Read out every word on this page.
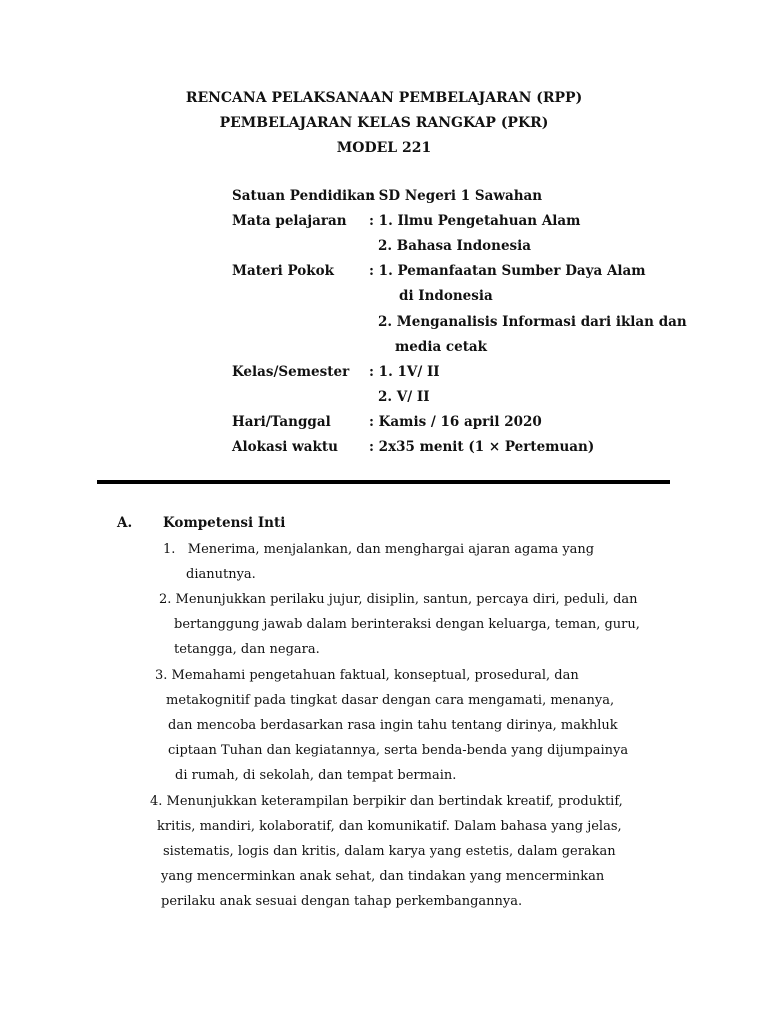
RENCANA PELAKSANAAN PEMBELAJARAN (RPP)
PEMBELAJARAN KELAS RANGKAP (PKR)
MODEL 221
Satuan Pendidikan
: SD Negeri 1 Sawahan
Mata pelajaran : 1. Ilmu Pengetahuan Alam
2. Bahasa Indonesia
Materi Pokok	: 1. Pemanfaatan Sumber Daya Alam
di Indonesia
2. Menganalisis Informasi dari iklan dan
media cetak
Kelas/Semester : 1. 1V/ II
2. V/ II
Hari/Tanggal	: Kamis / 16 april 2020
Alokasi waktu : 2x35 menit (1 × Pertemuan)
A. Kompetensi Inti
1.   Menerima, menjalankan, dan menghargai ajaran agama yang
dianutnya.
2. Menunjukkan perilaku jujur, disiplin, santun, percaya diri, peduli, dan
bertanggung jawab dalam berinteraksi dengan keluarga, teman, guru,
tetangga, dan negara.
3. Memahami pengetahuan faktual, konseptual, prosedural, dan
metakognitif pada tingkat dasar dengan cara mengamati, menanya,
dan mencoba berdasarkan rasa ingin tahu tentang dirinya, makhluk
ciptaan Tuhan dan kegiatannya, serta benda-benda yang dijumpainya
di rumah, di sekolah, dan tempat bermain.
4. Menunjukkan keterampilan berpikir dan bertindak kreatif, produktif,
kritis, mandiri, kolaboratif, dan komunikatif. Dalam bahasa yang jelas,
sistematis, logis dan kritis, dalam karya yang estetis, dalam gerakan
yang mencerminkan anak sehat, dan tindakan yang mencerminkan
perilaku anak sesuai dengan tahap perkembangannya.
